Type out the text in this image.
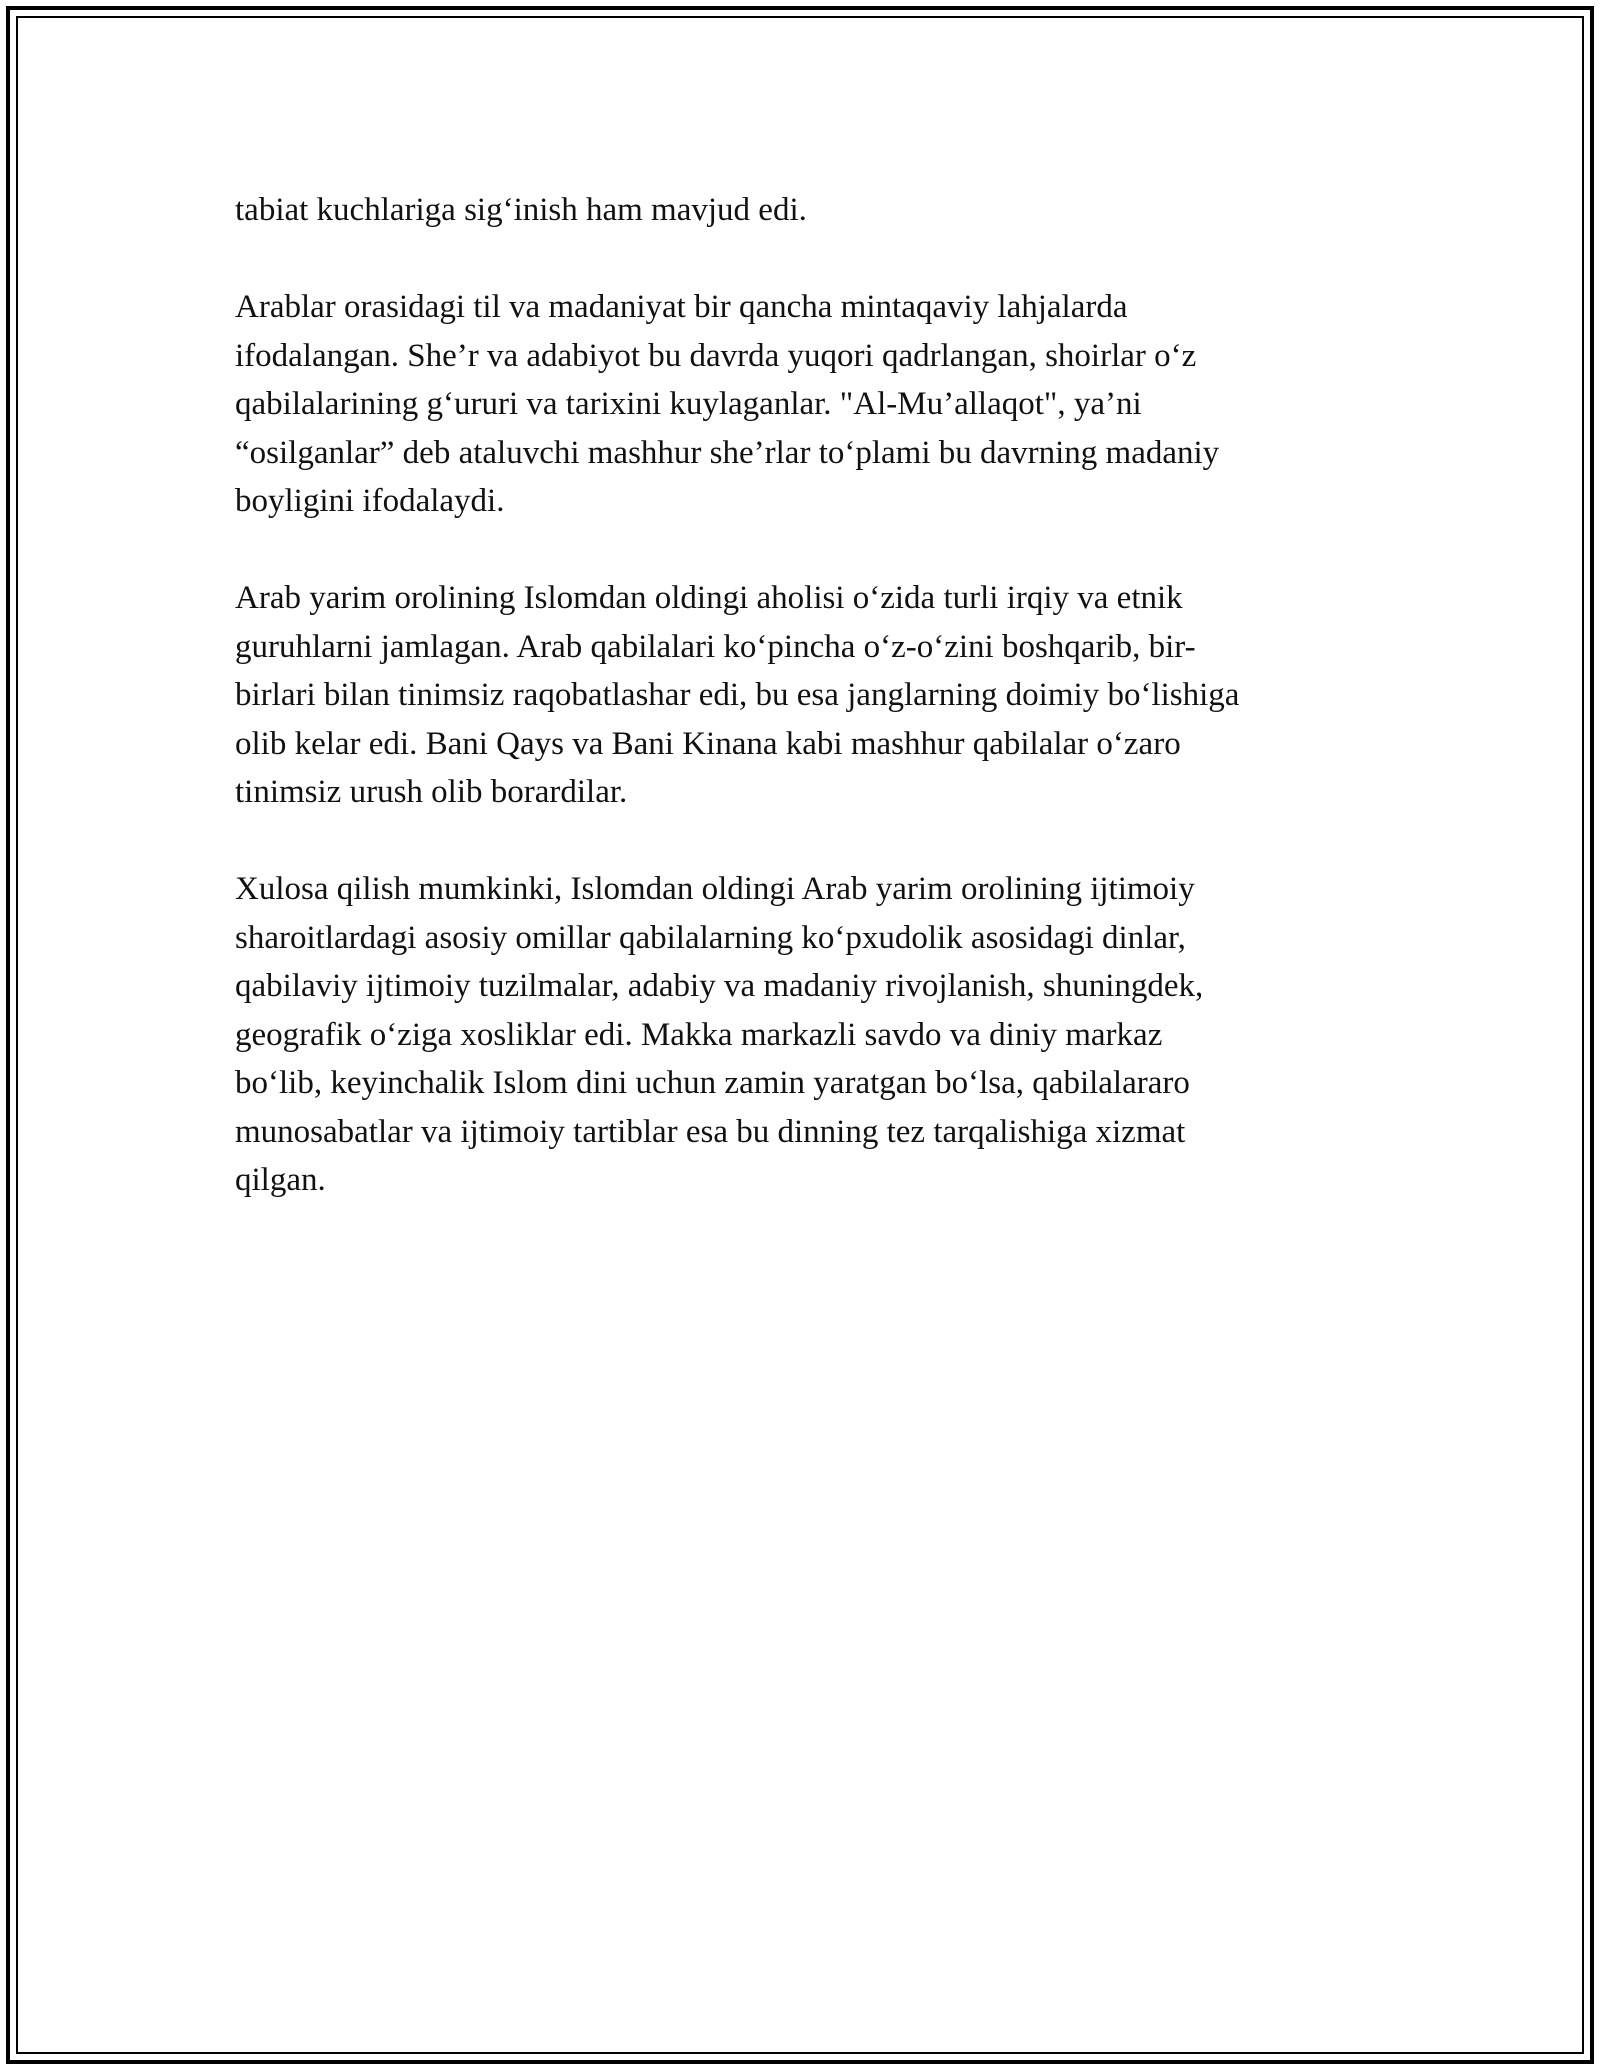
tabiat kuchlariga sig‘inish ham mavjud edi.

Arablar orasidagi til va madaniyat bir qancha mintaqaviy lahjalarda
ifodalangan. She’r va adabiyot bu davrda yuqori qadrlangan, shoirlar o‘z
qabilalarining g‘ururi va tarixini kuylaganlar. "Al-Mu’allaqot", ya’ni
“osilganlar” deb ataluvchi mashhur she’rlar to‘plami bu davrning madaniy
boyligini ifodalaydi.

Arab yarim orolining Islomdan oldingi aholisi o‘zida turli irqiy va etnik
guruhlarni jamlagan. Arab qabilalari ko‘pincha o‘z-o‘zini boshqarib, bir-
birlari bilan tinimsiz raqobatlashar edi, bu esa janglarning doimiy bo‘lishiga
olib kelar edi. Bani Qays va Bani Kinana kabi mashhur qabilalar o‘zaro
tinimsiz urush olib borardilar.

Xulosa qilish mumkinki, Islomdan oldingi Arab yarim orolining ijtimoiy
sharoitlardagi asosiy omillar qabilalarning ko‘pxudolik asosidagi dinlar,
qabilaviy ijtimoiy tuzilmalar, adabiy va madaniy rivojlanish, shuningdek,
geografik o‘ziga xosliklar edi. Makka markazli savdo va diniy markaz
bo‘lib, keyinchalik Islom dini uchun zamin yaratgan bo‘lsa, qabilalararo
munosabatlar va ijtimoiy tartiblar esa bu dinning tez tarqalishiga xizmat
qilgan.
